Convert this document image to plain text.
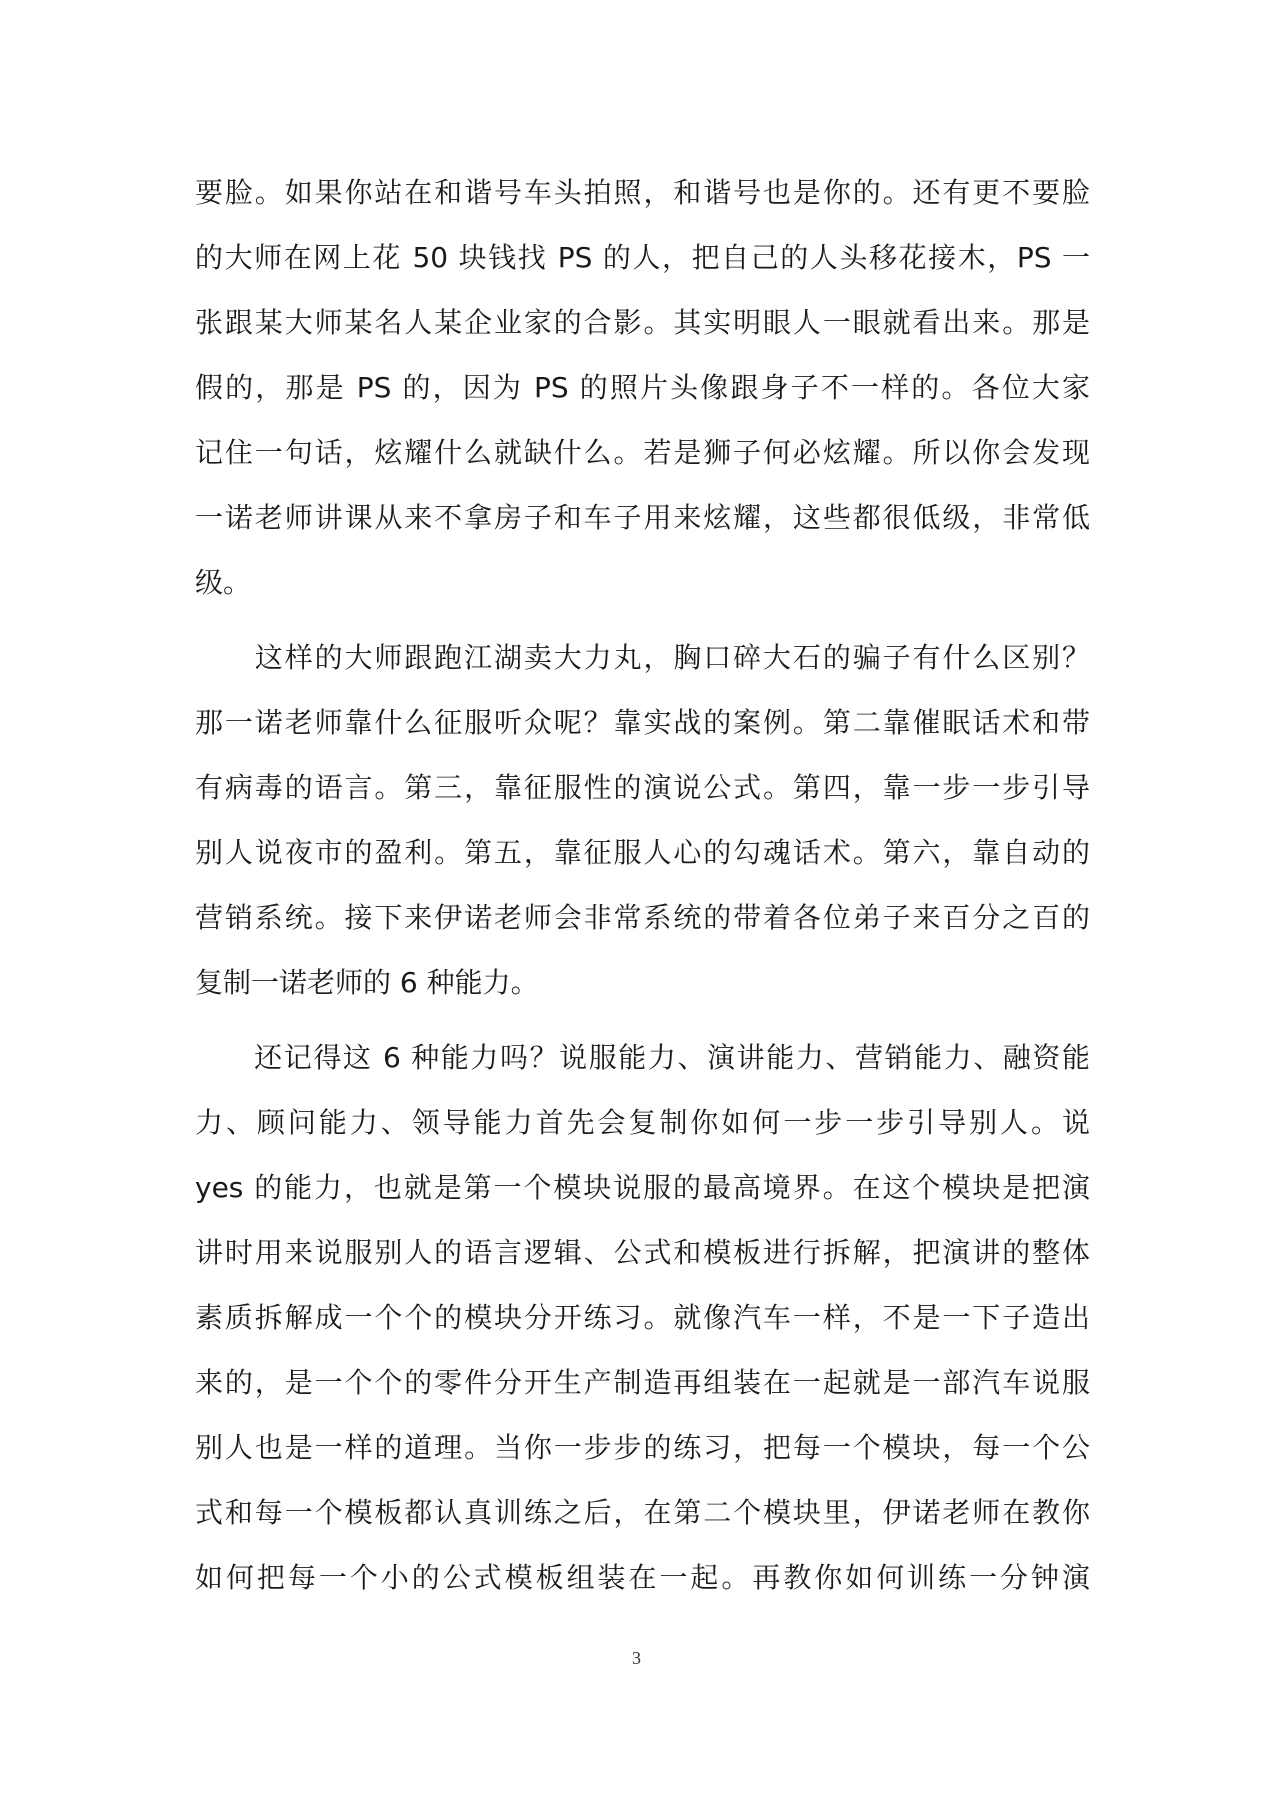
要脸。如果你站在和谐号车头拍照，和谐号也是你的。还有更不要脸
的大师在网上花 50 块钱找 PS 的人，把自己的人头移花接木，PS 一
张跟某大师某名人某企业家的合影。其实明眼人一眼就看出来。那是
假的，那是 PS 的，因为 PS 的照片头像跟身子不一样的。各位大家
记住一句话，炫耀什么就缺什么。若是狮子何必炫耀。所以你会发现
一诺老师讲课从来不拿房子和车子用来炫耀，这些都很低级，非常低
级。
　　这样的大师跟跑江湖卖大力丸，胸口碎大石的骗子有什么区别？
那一诺老师靠什么征服听众呢？靠实战的案例。第二靠催眠话术和带
有病毒的语言。第三，靠征服性的演说公式。第四，靠一步一步引导
别人说夜市的盈利。第五，靠征服人心的勾魂话术。第六，靠自动的
营销系统。接下来伊诺老师会非常系统的带着各位弟子来百分之百的
复制一诺老师的 6 种能力。
　　还记得这 6 种能力吗？说服能力、演讲能力、营销能力、融资能
力、顾问能力、领导能力首先会复制你如何一步一步引导别人。说
yes 的能力，也就是第一个模块说服的最高境界。在这个模块是把演
讲时用来说服别人的语言逻辑、公式和模板进行拆解，把演讲的整体
素质拆解成一个个的模块分开练习。就像汽车一样，不是一下子造出
来的，是一个个的零件分开生产制造再组装在一起就是一部汽车说服
别人也是一样的道理。当你一步步的练习，把每一个模块，每一个公
式和每一个模板都认真训练之后，在第二个模块里，伊诺老师在教你
如何把每一个小的公式模板组装在一起。再教你如何训练一分钟演
3
